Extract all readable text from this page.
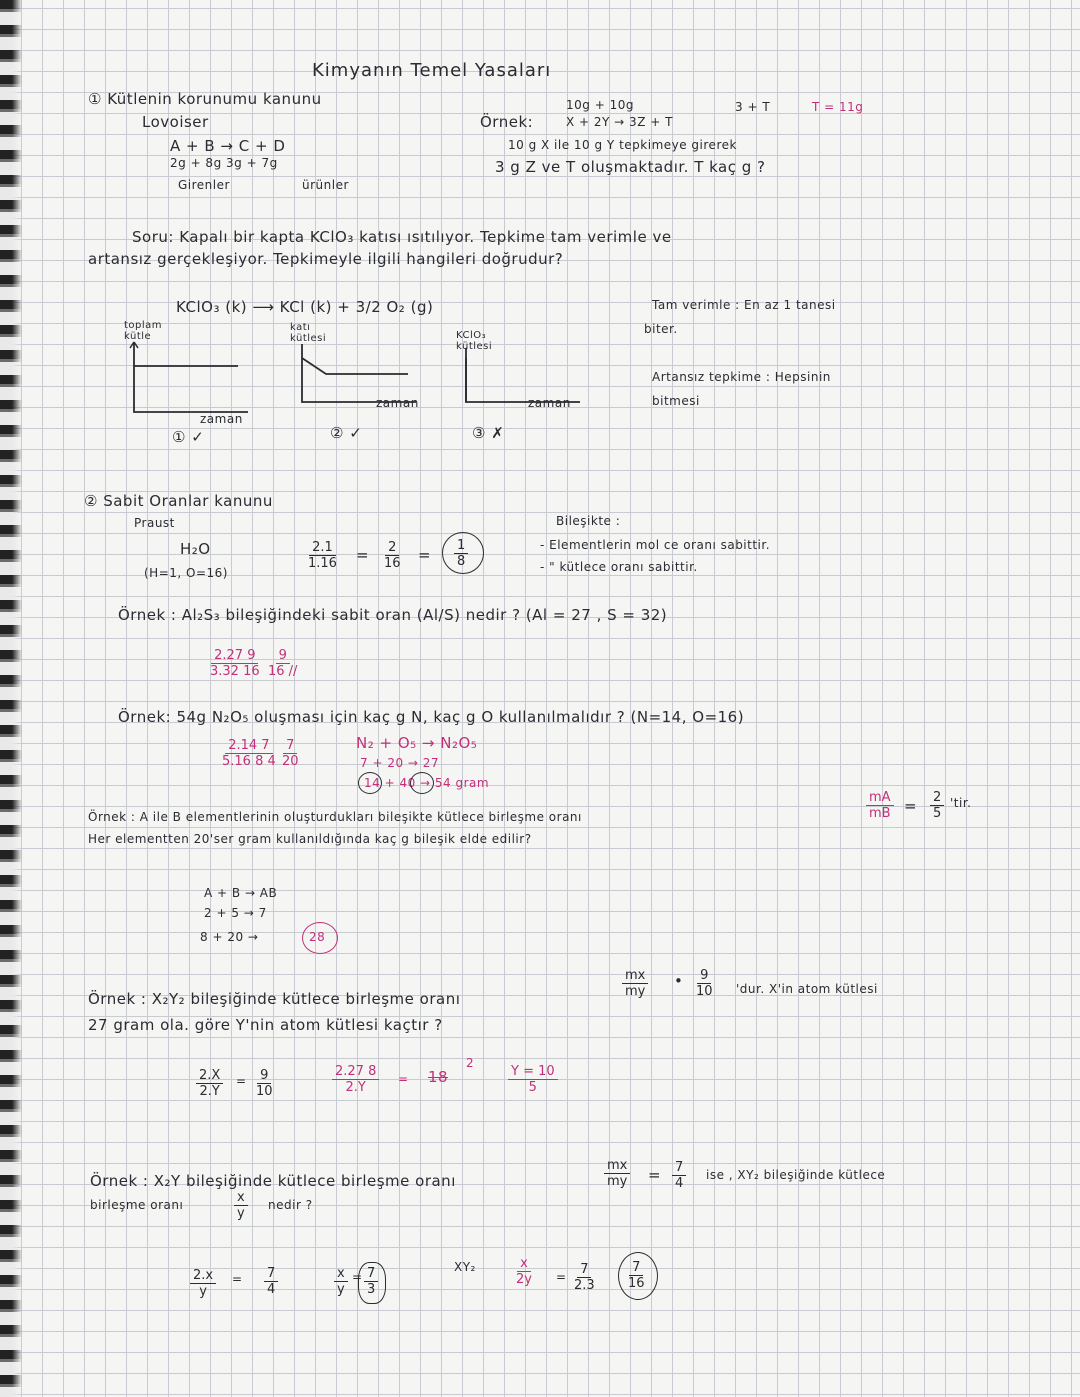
Kimyanın Temel Yasaları
① Kütlenin korunumu kanunu
Lovoiser
A + B → C + D
2g + 8g 3g + 7g
Girenler	ürünler
Örnek:
10g + 10g
X + 2Y → 3Z + T
3 + T	T = 11g
10 g X ile 10 g Y tepkimeye girerek
3 g Z ve T oluşmaktadır. T kaç g ?
Soru: Kapalı bir kapta KClO₃ katısı ısıtılıyor. Tepkime tam verimle ve
artansız gerçekleşiyor. Tepkimeyle ilgili hangileri doğrudur?
KClO₃ (k) ⟶ KCl (k) + 3/2 O₂ (g)
toplam kütle
katı kütlesi	KClO₃ kütlesi
zaman
zaman	zaman
① ✓	② ✓	③ ✗
Tam verimle : En az 1 tanesi
biter.
Artansız tepkime : Hepsinin
bitmesi
② Sabit Oranlar kanunu
Praust
H₂O
(H=1, O=16)
$\frac{2.1}{1.16} = \frac{2}{16} = \frac{1}{8}$
Bileşikte :
- Elementlerin mol ce oranı sabittir.
- " kütlece oranı sabittir.
Örnek : Al₂S₃ bileşiğindeki sabit oran (Al/S) nedir ? (Al = 27 , S = 32)
$\frac{2.27 9}{3.32 16} \frac{9}{16 //}$
Örnek: 54g N₂O₅ oluşması için kaç g N, kaç g O kullanılmalıdır ? (N=14, O=16)
$\frac{2.14 7}{5.16 8 4} \frac{7}{20}$	N₂ + O₅ → N₂O₅
7 + 20 → 27
14 + 40 → 54 gram
Örnek : A ile B elementlerinin oluşturdukları bileşikte kütlece birleşme oranı	$\frac{mA}{mB} = \frac{2}{5}$ 'tir.
Her elementten 20'ser gram kullanıldığında kaç g bileşik elde edilir?
A + B → AB
2 + 5 → 7
8 + 20 →	28
Örnek : X₂Y₂ bileşiğinde kütlece birleşme oranı	$\frac{mx}{my}$ • $\frac{9}{10}$ 'dur. X'in atom kütlesi
27 gram ola. göre Y'nin atom kütlesi kaçtır ?
$\frac{2.X}{2.Y} = \frac{9}{10}$	$\frac{2.27 8}{2.Y} = 18$
2
$\frac{Y = 10}{5}$
Örnek : X₂Y bileşiğinde kütlece birleşme oranı	$\frac{mx}{my} = \frac{7}{4}$ ise , XY₂ bileşiğinde kütlece
birleşme oranı	$\frac{x}{y}$ nedir ?
$\frac{2.x}{y} = \frac{7}{4}$	$\frac{x}{y} = \frac{7}{3}$	XY₂	$\frac{x}{2y} = \frac{7}{2.3}$	$\frac{7}{16}$
